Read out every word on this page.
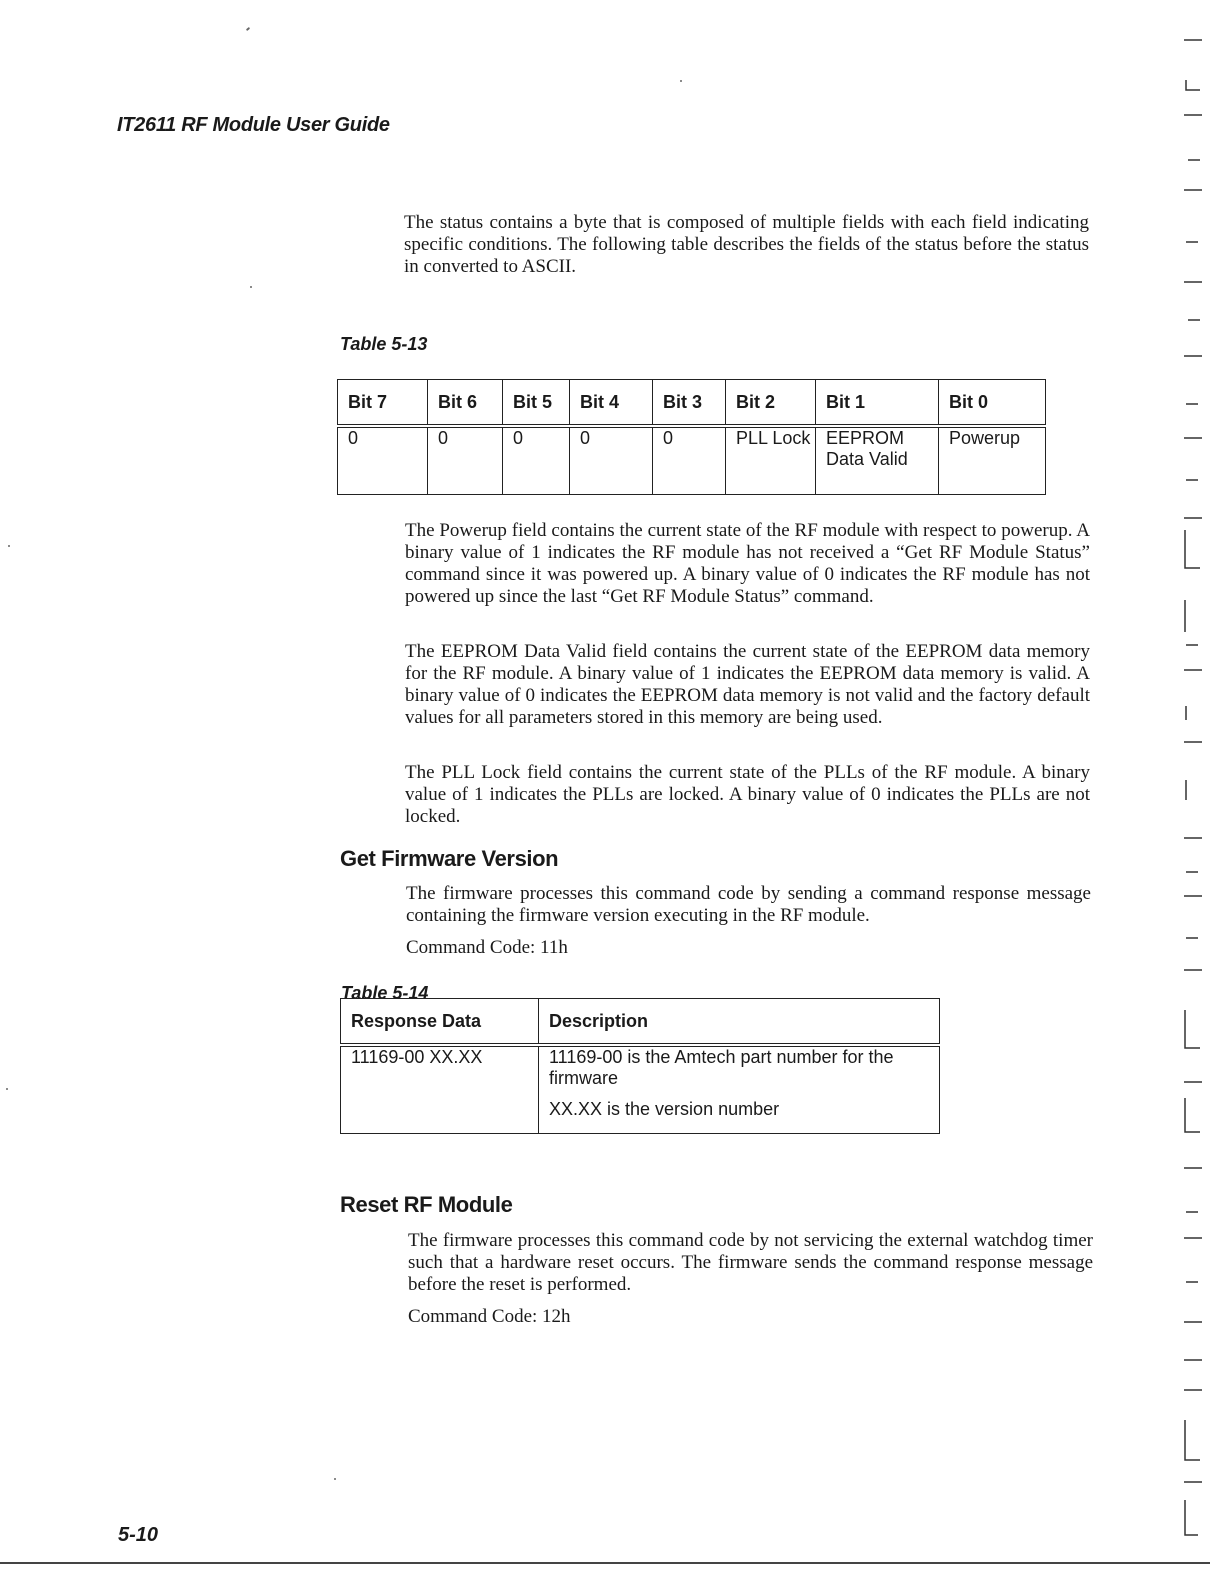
IT2611 RF Module User Guide

The status contains a byte that is composed of multiple fields with each field indicating specific conditions. The following table describes the fields of the status before the status in converted to ASCII.

Table 5-13
Bit 7	Bit 6	Bit 5	Bit 4	Bit 3	Bit 2	Bit 1	Bit 0
0	0	0	0	0	PLL Lock	EEPROM Data Valid	Powerup

The Powerup field contains the current state of the RF module with respect to powerup. A binary value of 1 indicates the RF module has not received a “Get RF Module Status” command since it was powered up. A binary value of 0 indicates the RF module has not powered up since the last “Get RF Module Status” command.

The EEPROM Data Valid field contains the current state of the EEPROM data memory for the RF module. A binary value of 1 indicates the EEPROM data memory is valid. A binary value of 0 indicates the EEPROM data memory is not valid and the factory default values for all parameters stored in this memory are being used.

The PLL Lock field contains the current state of the PLLs of the RF module. A binary value of 1 indicates the PLLs are locked. A binary value of 0 indicates the PLLs are not locked.

Get Firmware Version

The firmware processes this command code by sending a command response message containing the firmware version executing in the RF module.

Command Code: 11h
Table 5-14
Response Data	Description
11169-00 XX.XX	11169-00 is the Amtech part number for the firmware

XX.XX is the version number

Reset RF Module

The firmware processes this command code by not servicing the external watchdog timer such that a hardware reset occurs. The firmware sends the command response message before the reset is performed.

Command Code: 12h
5-10
